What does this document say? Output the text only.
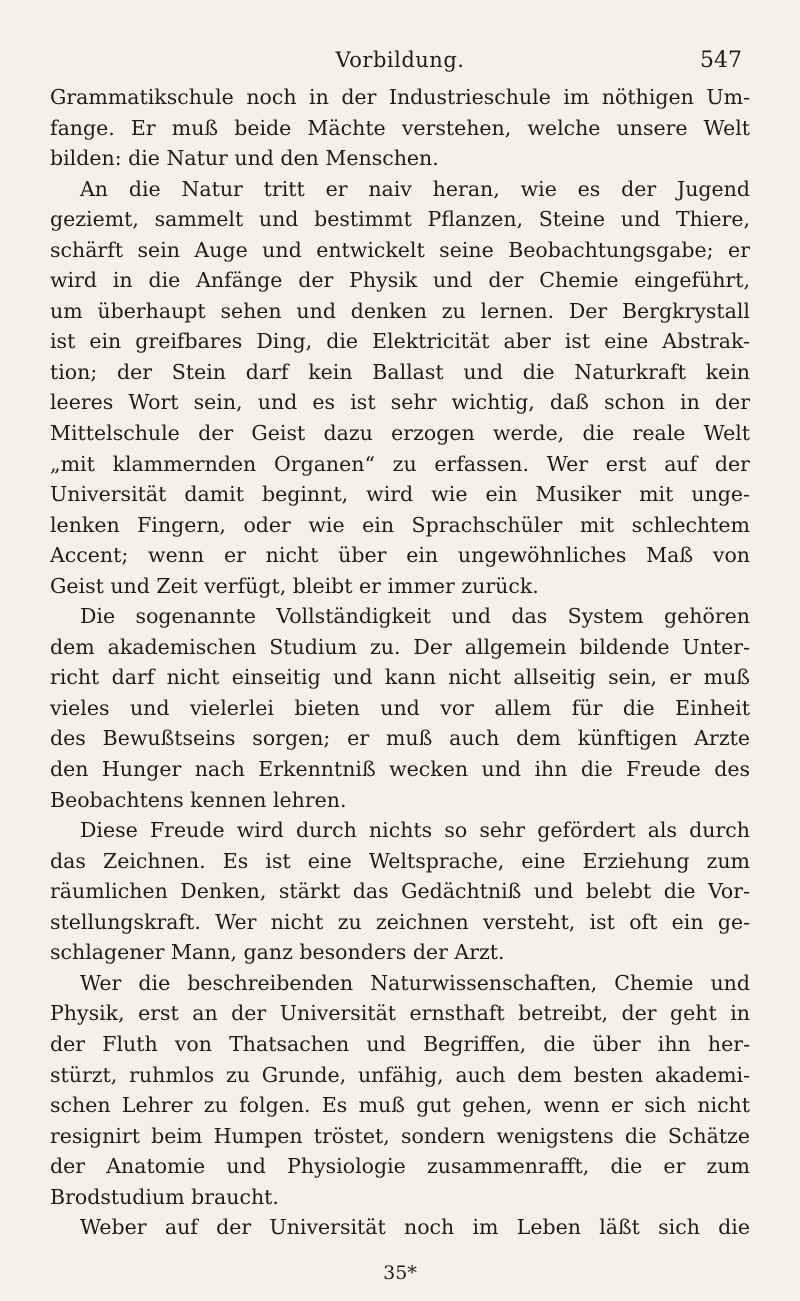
Vorbildung.	547
Grammatikschule noch in der Industrieschule im nöthigen Um-
fange. Er muß beide Mächte verstehen, welche unsere Welt
bilden: die Natur und den Menschen.
An die Natur tritt er naiv heran, wie es der Jugend
geziemt, sammelt und bestimmt Pflanzen, Steine und Thiere,
schärft sein Auge und entwickelt seine Beobachtungsgabe; er
wird in die Anfänge der Physik und der Chemie eingeführt,
um überhaupt sehen und denken zu lernen. Der Bergkrystall
ist ein greifbares Ding, die Elektricität aber ist eine Abstrak-
tion; der Stein darf kein Ballast und die Naturkraft kein
leeres Wort sein, und es ist sehr wichtig, daß schon in der
Mittelschule der Geist dazu erzogen werde, die reale Welt
„mit klammernden Organen“ zu erfassen. Wer erst auf der
Universität damit beginnt, wird wie ein Musiker mit unge-
lenken Fingern, oder wie ein Sprachschüler mit schlechtem
Accent; wenn er nicht über ein ungewöhnliches Maß von
Geist und Zeit verfügt, bleibt er immer zurück.
Die sogenannte Vollständigkeit und das System gehören
dem akademischen Studium zu. Der allgemein bildende Unter-
richt darf nicht einseitig und kann nicht allseitig sein, er muß
vieles und vielerlei bieten und vor allem für die Einheit
des Bewußtseins sorgen; er muß auch dem künftigen Arzte
den Hunger nach Erkenntniß wecken und ihn die Freude des
Beobachtens kennen lehren.
Diese Freude wird durch nichts so sehr gefördert als durch
das Zeichnen. Es ist eine Weltsprache, eine Erziehung zum
räumlichen Denken, stärkt das Gedächtniß und belebt die Vor-
stellungskraft. Wer nicht zu zeichnen versteht, ist oft ein ge-
schlagener Mann, ganz besonders der Arzt.
Wer die beschreibenden Naturwissenschaften, Chemie und
Physik, erst an der Universität ernsthaft betreibt, der geht in
der Fluth von Thatsachen und Begriffen, die über ihn her-
stürzt, ruhmlos zu Grunde, unfähig, auch dem besten akademi-
schen Lehrer zu folgen. Es muß gut gehen, wenn er sich nicht
resignirt beim Humpen tröstet, sondern wenigstens die Schätze
der Anatomie und Physiologie zusammenrafft, die er zum
Brodstudium braucht.
Weber auf der Universität noch im Leben läßt sich die
35*
